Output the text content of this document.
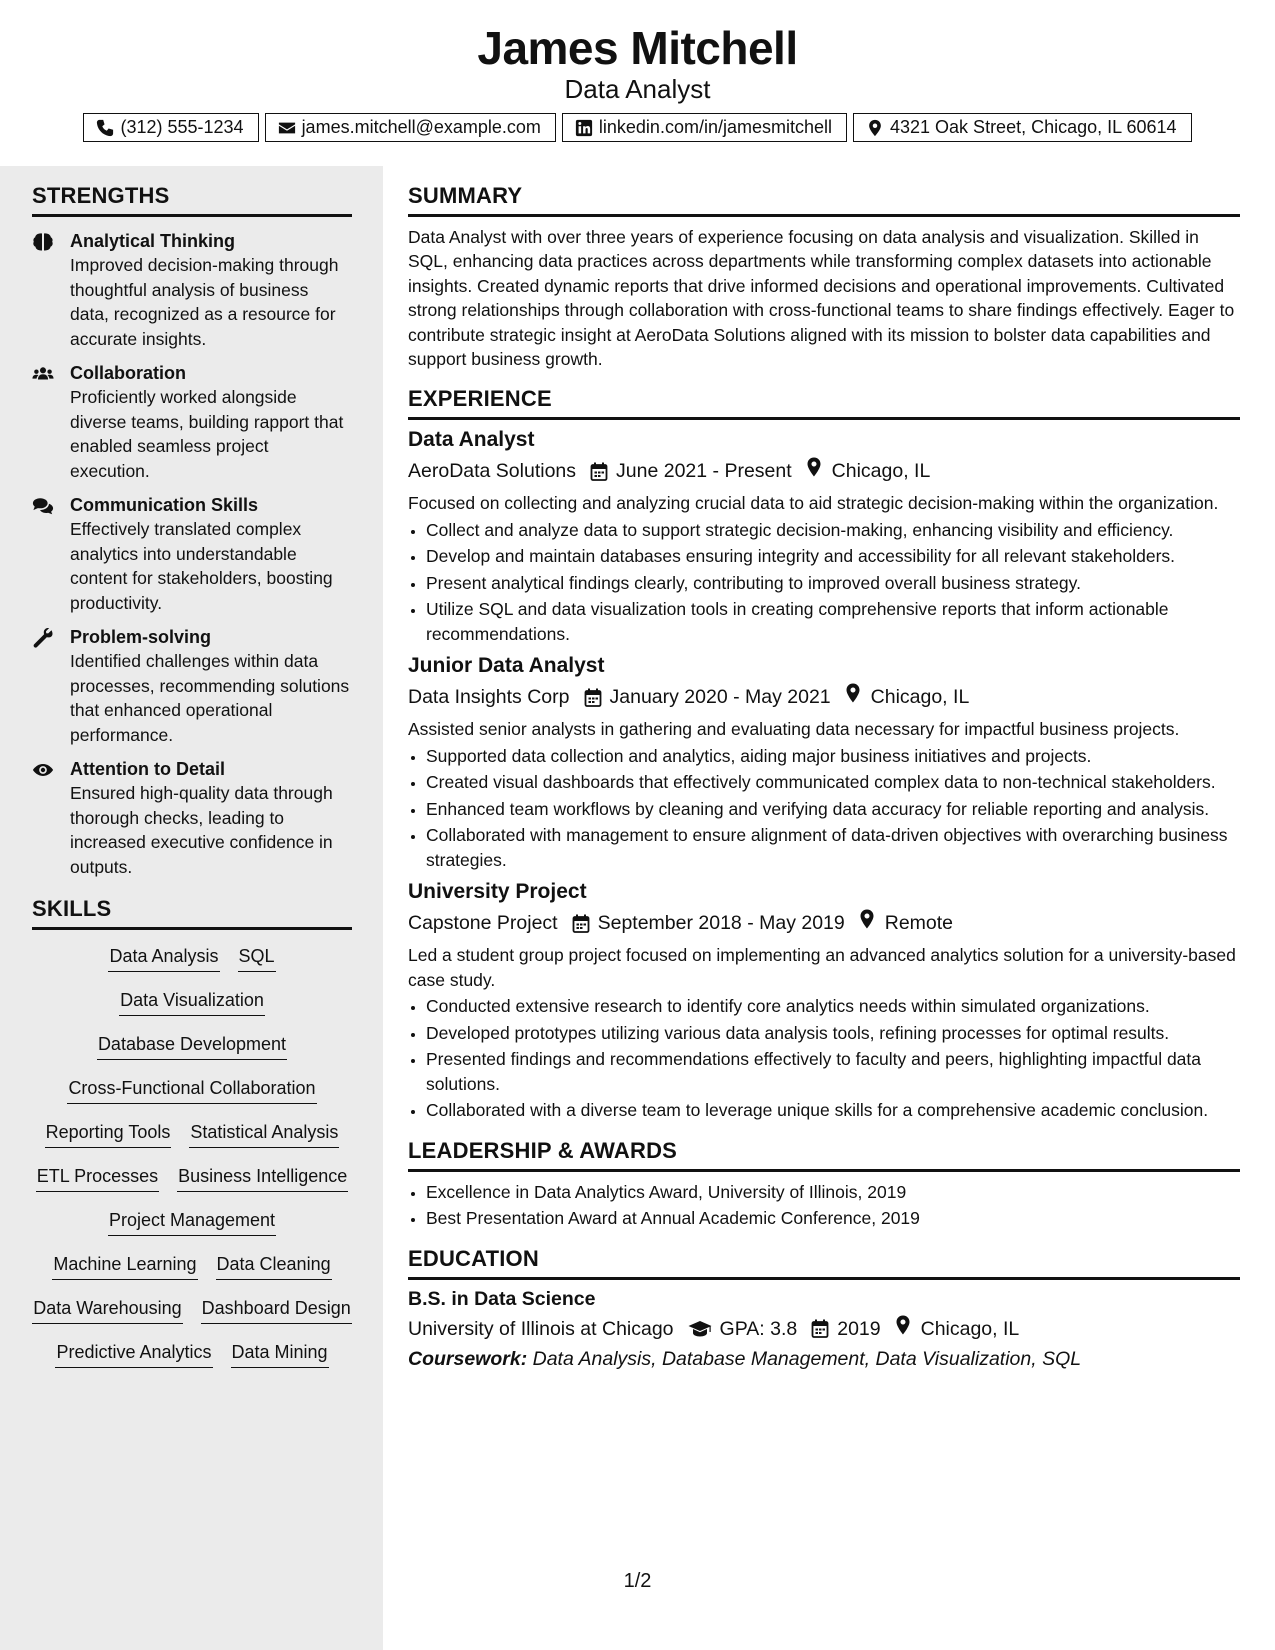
James Mitchell
Data Analyst
(312) 555-1234	james.mitchell@example.com	linkedin.com/in/jamesmitchell	4321 Oak Street, Chicago, IL 60614
STRENGTHS
Analytical Thinking
Improved decision-making through thoughtful analysis of business data, recognized as a resource for accurate insights.
Collaboration
Proficiently worked alongside diverse teams, building rapport that enabled seamless project execution.
Communication Skills
Effectively translated complex analytics into understandable content for stakeholders, boosting productivity.
Problem-solving
Identified challenges within data processes, recommending solutions that enhanced operational performance.
Attention to Detail
Ensured high-quality data through thorough checks, leading to increased executive confidence in outputs.
SKILLS
Data Analysis SQL
Data Visualization
Database Development
Cross-Functional Collaboration
Reporting Tools Statistical Analysis
ETL Processes Business Intelligence
Project Management
Machine Learning Data Cleaning
Data Warehousing Dashboard Design
Predictive Analytics Data Mining
SUMMARY
Data Analyst with over three years of experience focusing on data analysis and visualization. Skilled in SQL, enhancing data practices across departments while transforming complex datasets into actionable insights. Created dynamic reports that drive informed decisions and operational improvements. Cultivated strong relationships through collaboration with cross-functional teams to share findings effectively. Eager to contribute strategic insight at AeroData Solutions aligned with its mission to bolster data capabilities and support business growth.
EXPERIENCE
Data Analyst
AeroData Solutions June 2021 - Present Chicago, IL
Focused on collecting and analyzing crucial data to aid strategic decision-making within the organization.
• Collect and analyze data to support strategic decision-making, enhancing visibility and efficiency.
• Develop and maintain databases ensuring integrity and accessibility for all relevant stakeholders.
• Present analytical findings clearly, contributing to improved overall business strategy.
• Utilize SQL and data visualization tools in creating comprehensive reports that inform actionable recommendations.
Junior Data Analyst
Data Insights Corp January 2020 - May 2021 Chicago, IL
Assisted senior analysts in gathering and evaluating data necessary for impactful business projects.
• Supported data collection and analytics, aiding major business initiatives and projects.
• Created visual dashboards that effectively communicated complex data to non-technical stakeholders.
• Enhanced team workflows by cleaning and verifying data accuracy for reliable reporting and analysis.
• Collaborated with management to ensure alignment of data-driven objectives with overarching business strategies.
University Project
Capstone Project September 2018 - May 2019 Remote
Led a student group project focused on implementing an advanced analytics solution for a university-based case study.
• Conducted extensive research to identify core analytics needs within simulated organizations.
• Developed prototypes utilizing various data analysis tools, refining processes for optimal results.
• Presented findings and recommendations effectively to faculty and peers, highlighting impactful data solutions.
• Collaborated with a diverse team to leverage unique skills for a comprehensive academic conclusion.
LEADERSHIP & AWARDS
• Excellence in Data Analytics Award, University of Illinois, 2019
• Best Presentation Award at Annual Academic Conference, 2019
EDUCATION
B.S. in Data Science
University of Illinois at Chicago GPA: 3.8 2019 Chicago, IL
Coursework: Data Analysis, Database Management, Data Visualization, SQL
1/2
